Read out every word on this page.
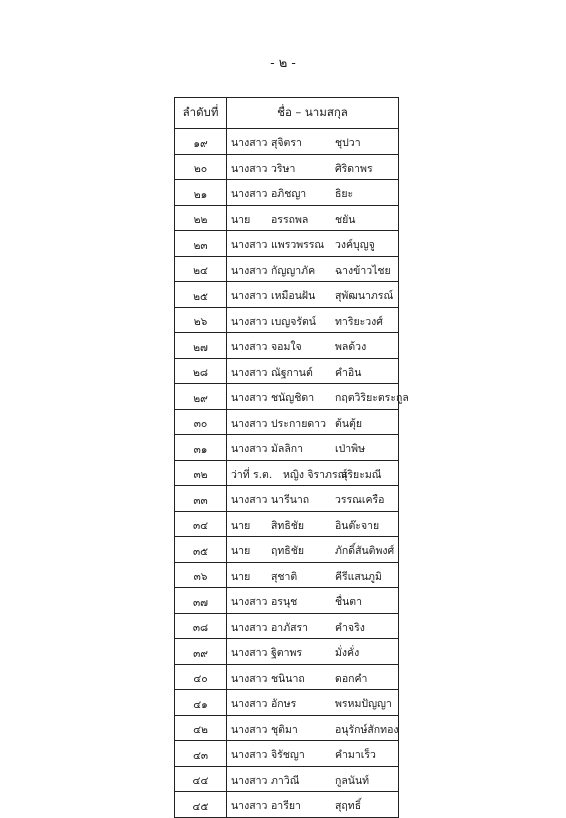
- ๒ -
ลำดับที่	ชื่อ – นามสกุล
๑๙	นางสาว สุจิตรา ชุปวา

๒๐	นางสาว วริษา ศิริดาพร

๒๑	นางสาว อภิชญา ธิยะ

๒๒	นาย อรรถพล ชยัน

๒๓	นางสาว แพรวพรรณ วงค์บุญจู

๒๔	นางสาว กัญญาภัค ฉางข้าวไชย

๒๕	นางสาว เหมือนฝัน สุพัฒนาภรณ์

๒๖	นางสาว เบญจรัตน์ ทาริยะวงศ์

๒๗	นางสาว จอมใจ พลด้วง

๒๘	นางสาว ณัฐกานต์ คำอิน

๒๙	นางสาว ชนัญชิดา กฤตวิริยะตระกูล

๓๐	นางสาว ประกายดาว ต้นตุ้ย

๓๑	นางสาว มัลลิกา เป่าพิษ

๓๒	ว่าที่ ร.ต. หญิง จิราภรณ์
สุริยะมณี

๓๓	นางสาว นารีนาถ วรรณเครือ

๓๔	นาย สิทธิชัย อินต๊ะจาย

๓๕	นาย ฤทธิชัย ภักดิ์สันติพงศ์

๓๖	นาย สุชาติ คีรีแสนภูมิ

๓๗	นางสาว อรนุช ชื่นตา

๓๘	นางสาว อาภัสรา คำจริง

๓๙	นางสาว ฐิตาพร มั่งคั่ง

๔๐	นางสาว ชนินาถ ดอกคำ

๔๑	นางสาว อักษร พรหมปัญญา

๔๒	นางสาว ชุติมา อนุรักษ์สักทอง

๔๓	นางสาว จิรัชญา คำมาเร็ว

๔๔	นางสาว ภาวิณี กูลนันท์

๔๕	นางสาว อารียา สุฤทธิ์
